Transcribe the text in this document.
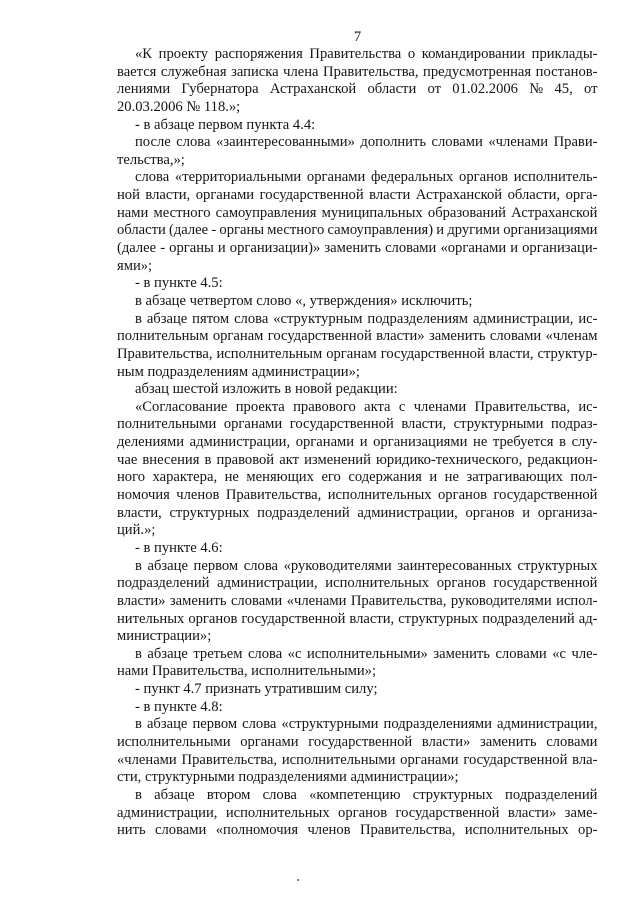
7
«К проекту распоряжения Правительства о командировании приклады-
вается служебная записка члена Правительства, предусмотренная постанов-
лениями Губернатора Астраханской области от 01.02.2006 № 45, от
20.03.2006 № 118.»;
- в абзаце первом пункта 4.4:
после слова «заинтересованными» дополнить словами «членами Прави-
тельства,»;
слова «территориальными органами федеральных органов исполнитель-
ной власти, органами государственной власти Астраханской области, орга-
нами местного самоуправления муниципальных образований Астраханской
области (далее - органы местного самоуправления) и другими организациями
(далее - органы и организации)» заменить словами «органами и организаци-
ями»;
- в пункте 4.5:
в абзаце четвертом слово «, утверждения» исключить;
в абзаце пятом слова «структурным подразделениям администрации, ис-
полнительным органам государственной власти» заменить словами «членам
Правительства, исполнительным органам государственной власти, структур-
ным подразделениям администрации»;
абзац шестой изложить в новой редакции:
«Согласование проекта правового акта с членами Правительства, ис-
полнительными органами государственной власти, структурными подраз-
делениями администрации, органами и организациями не требуется в слу-
чае внесения в правовой акт изменений юридико-технического, редакцион-
ного характера, не меняющих его содержания и не затрагивающих пол-
номочия членов Правительства, исполнительных органов государственной
власти, структурных подразделений администрации, органов и организа-
ций.»;
- в пункте 4.6:
в абзаце первом слова «руководителями заинтересованных структурных
подразделений администрации, исполнительных органов государственной
власти» заменить словами «членами Правительства, руководителями испол-
нительных органов государственной власти, структурных подразделений ад-
министрации»;
в абзаце третьем слова «с исполнительными» заменить словами «с чле-
нами Правительства, исполнительными»;
- пункт 4.7 признать утратившим силу;
- в пункте 4.8:
в абзаце первом слова «структурными подразделениями администрации,
исполнительными органами государственной власти» заменить словами
«членами Правительства, исполнительными органами государственной вла-
сти, структурными подразделениями администрации»;
в абзаце втором слова «компетенцию структурных подразделений
администрации, исполнительных органов государственной власти» заме-
нить словами «полномочия членов Правительства, исполнительных ор-
